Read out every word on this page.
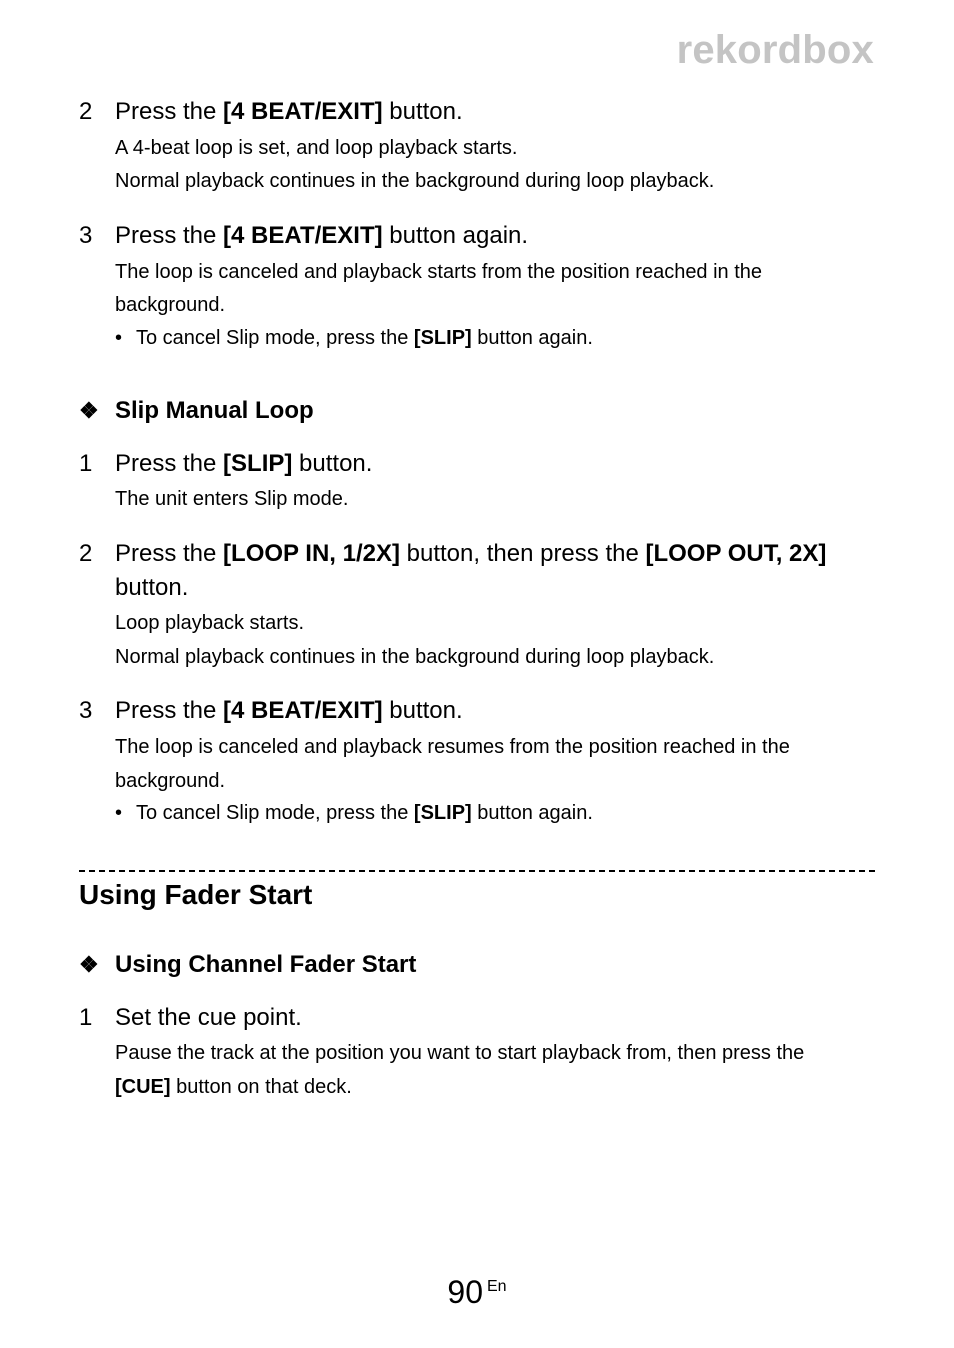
rekordbox
2 Press the [4 BEAT/EXIT] button.
A 4-beat loop is set, and loop playback starts.
Normal playback continues in the background during loop playback.
3 Press the [4 BEAT/EXIT] button again.
The loop is canceled and playback starts from the position reached in the
background.
• To cancel Slip mode, press the [SLIP] button again.
❖ Slip Manual Loop
1 Press the [SLIP] button.
The unit enters Slip mode.
2 Press the [LOOP IN, 1/2X] button, then press the [LOOP OUT, 2X]
button.
Loop playback starts.
Normal playback continues in the background during loop playback.
3 Press the [4 BEAT/EXIT] button.
The loop is canceled and playback resumes from the position reached in the
background.
• To cancel Slip mode, press the [SLIP] button again.
Using Fader Start
❖ Using Channel Fader Start
1 Set the cue point.
Pause the track at the position you want to start playback from, then press the
[CUE] button on that deck.
90 En
